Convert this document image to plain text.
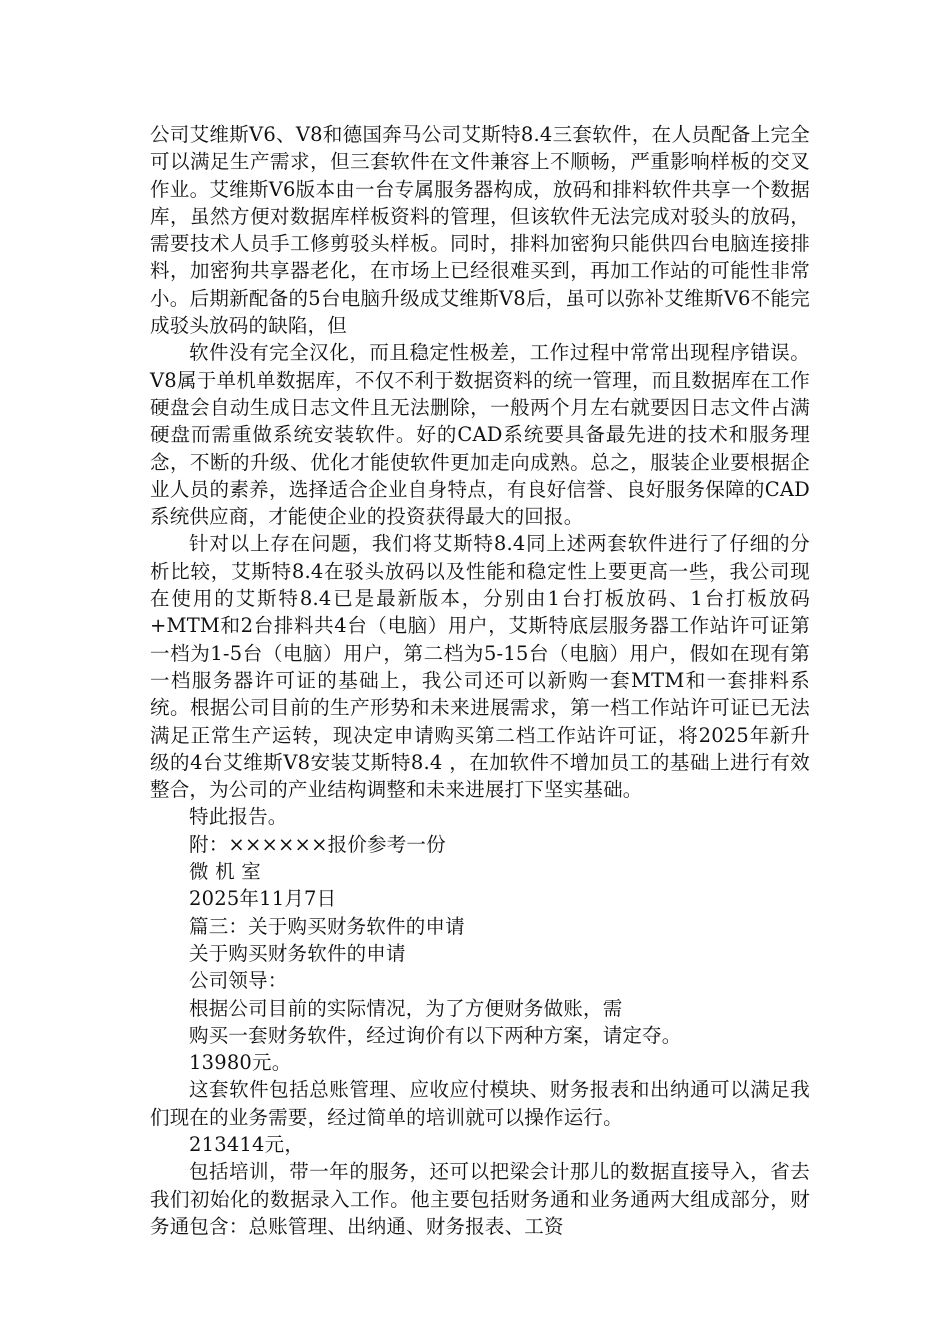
公司艾维斯V6、V8和德国奔马公司艾斯特8.4三套软件，在人员配备上完全可以满足生产需求，但三套软件在文件兼容上不顺畅，严重影响样板的交叉作业。艾维斯V6版本由一台专属服务器构成，放码和排料软件共享一个数据库，虽然方便对数据库样板资料的管理，但该软件无法完成对驳头的放码，需要技术人员手工修剪驳头样板。同时，排料加密狗只能供四台电脑连接排料，加密狗共享器老化，在市场上已经很难买到，再加工作站的可能性非常小。后期新配备的5台电脑升级成艾维斯V8后，虽可以弥补艾维斯V6不能完成驳头放码的缺陷，但

软件没有完全汉化，而且稳定性极差，工作过程中常常出现程序错误。V8属于单机单数据库，不仅不利于数据资料的统一管理，而且数据库在工作硬盘会自动生成日志文件且无法删除，一般两个月左右就要因日志文件占满硬盘而需重做系统安装软件。好的CAD系统要具备最先进的技术和服务理念，不断的升级、优化才能使软件更加走向成熟。总之，服装企业要根据企业人员的素养，选择适合企业自身特点，有良好信誉、良好服务保障的CAD系统供应商，才能使企业的投资获得最大的回报。

针对以上存在问题，我们将艾斯特8.4同上述两套软件进行了仔细的分析比较，艾斯特8.4在驳头放码以及性能和稳定性上要更高一些，我公司现在使用的艾斯特8.4已是最新版本，分别由1台打板放码、1台打板放码+MTM和2台排料共4台（电脑）用户，艾斯特底层服务器工作站许可证第一档为1-5台（电脑）用户，第二档为5-15台（电脑）用户，假如在现有第一档服务器许可证的基础上，我公司还可以新购一套MTM和一套排料系统。根据公司目前的生产形势和未来进展需求，第一档工作站许可证已无法满足正常生产运转，现决定申请购买第二档工作站许可证，将2025年新升级的4台艾维斯V8安装艾斯特8.4 ，在加软件不增加员工的基础上进行有效整合，为公司的产业结构调整和未来进展打下坚实基础。

特此报告。

附：××××××报价参考一份

微 机 室

2025年11月7日

篇三：关于购买财务软件的申请

关于购买财务软件的申请

公司领导：

根据公司目前的实际情况，为了方便财务做账，需

购买一套财务软件，经过询价有以下两种方案，请定夺。

13980元。

这套软件包括总账管理、应收应付模块、财务报表和出纳通可以满足我们现在的业务需要，经过简单的培训就可以操作运行。

213414元，

包括培训，带一年的服务，还可以把梁会计那儿的数据直接导入，省去我们初始化的数据录入工作。他主要包括财务通和业务通两大组成部分，财务通包含：总账管理、出纳通、财务报表、工资
